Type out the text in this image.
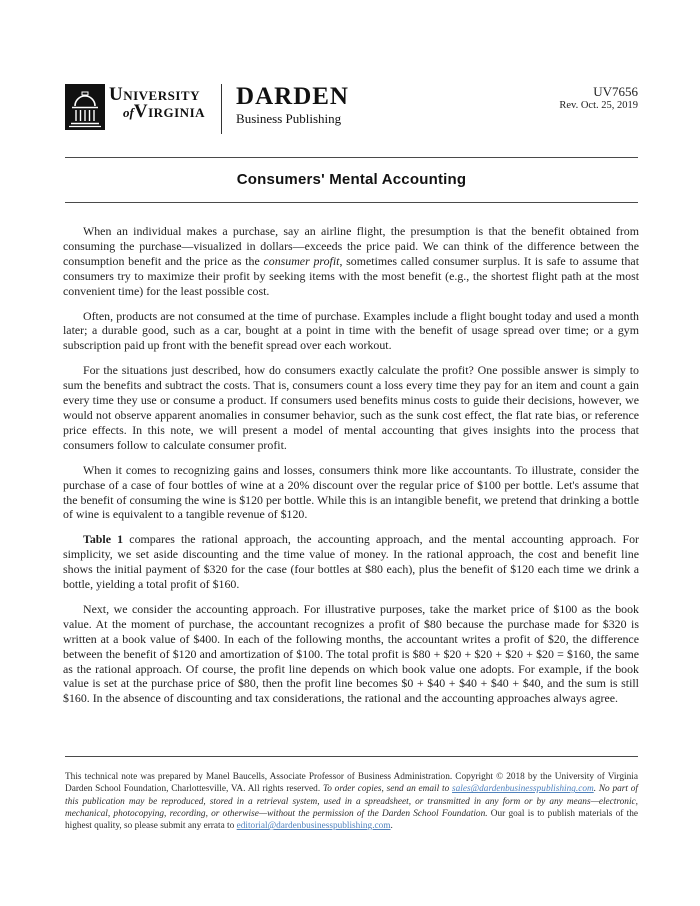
University
ofVirginia
DARDEN
Business Publishing
UV7656
Rev. Oct. 25, 2019
Consumers' Mental Accounting

When an individual makes a purchase, say an airline flight, the presumption is that the benefit obtained from consuming the purchase—visualized in dollars—exceeds the price paid. We can think of the difference between the consumption benefit and the price as the consumer profit, sometimes called consumer surplus. It is safe to assume that consumers try to maximize their profit by seeking items with the most benefit (e.g., the shortest flight path at the most convenient time) for the least possible cost.

Often, products are not consumed at the time of purchase. Examples include a flight bought today and used a month later; a durable good, such as a car, bought at a point in time with the benefit of usage spread over time; or a gym subscription paid up front with the benefit spread over each workout.

For the situations just described, how do consumers exactly calculate the profit? One possible answer is simply to sum the benefits and subtract the costs. That is, consumers count a loss every time they pay for an item and count a gain every time they use or consume a product. If consumers used benefits minus costs to guide their decisions, however, we would not observe apparent anomalies in consumer behavior, such as the sunk cost effect, the flat rate bias, or reference price effects. In this note, we will present a model of mental accounting that gives insights into the process that consumers follow to calculate consumer profit.

When it comes to recognizing gains and losses, consumers think more like accountants. To illustrate, consider the purchase of a case of four bottles of wine at a 20% discount over the regular price of $100 per bottle. Let's assume that the benefit of consuming the wine is $120 per bottle. While this is an intangible benefit, we pretend that drinking a bottle of wine is equivalent to a tangible revenue of $120.

Table 1 compares the rational approach, the accounting approach, and the mental accounting approach. For simplicity, we set aside discounting and the time value of money. In the rational approach, the cost and benefit line shows the initial payment of $320 for the case (four bottles at $80 each), plus the benefit of $120 each time we drink a bottle, yielding a total profit of $160.

Next, we consider the accounting approach. For illustrative purposes, take the market price of $100 as the book value. At the moment of purchase, the accountant recognizes a profit of $80 because the purchase made for $320 is written at a book value of $400. In each of the following months, the accountant writes a profit of $20, the difference between the benefit of $120 and amortization of $100. The total profit is $80 + $20 + $20 + $20 + $20 = $160, the same as the rational approach. Of course, the profit line depends on which book value one adopts. For example, if the book value is set at the purchase price of $80, then the profit line becomes $0 + $40 + $40 + $40 + $40, and the sum is still $160. In the absence of discounting and tax considerations, the rational and the accounting approaches always agree.

This technical note was prepared by Manel Baucells, Associate Professor of Business Administration. Copyright © 2018 by the University of Virginia Darden School Foundation, Charlottesville, VA. All rights reserved. To order copies, send an email to sales@dardenbusinesspublishing.com. No part of this publication may be reproduced, stored in a retrieval system, used in a spreadsheet, or transmitted in any form or by any means—electronic, mechanical, photocopying, recording, or otherwise—without the permission of the Darden School Foundation. Our goal is to publish materials of the highest quality, so please submit any errata to editorial@dardenbusinesspublishing.com.
